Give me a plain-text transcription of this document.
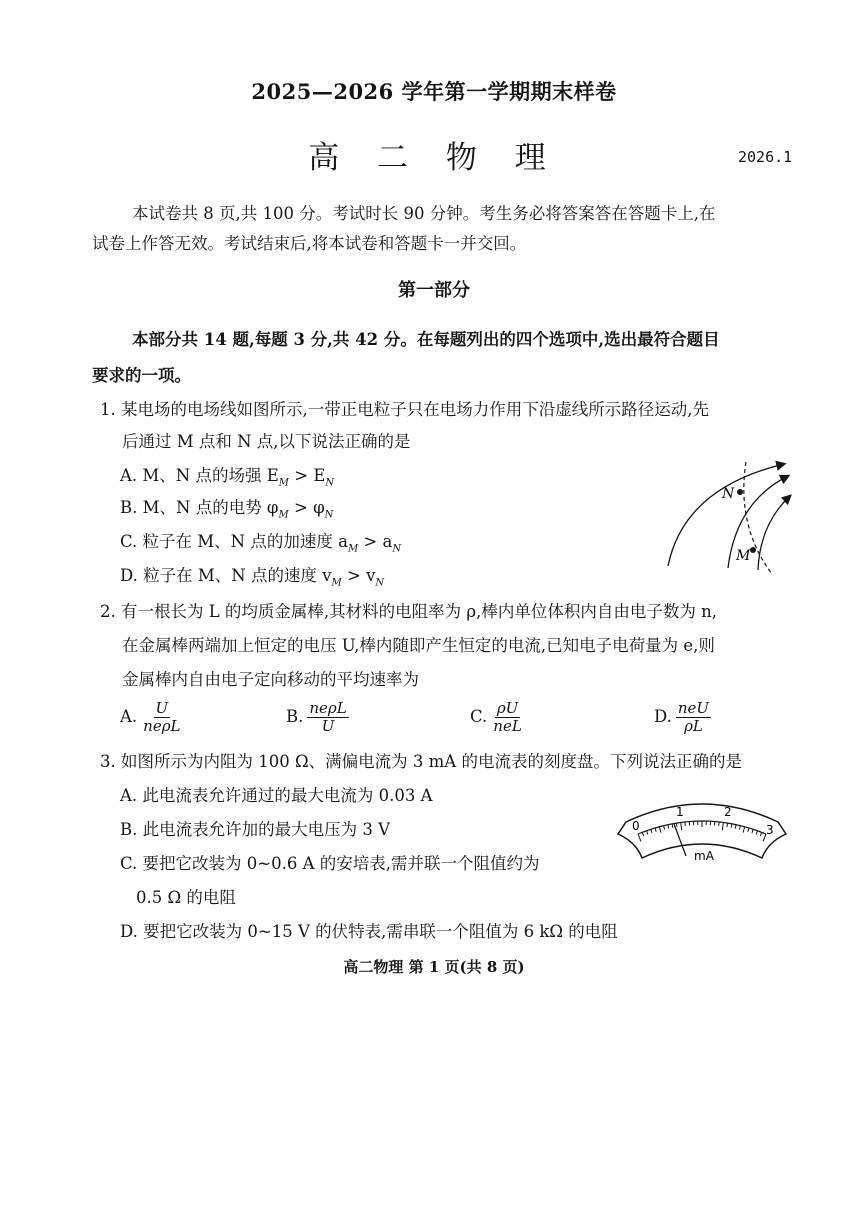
2025—2026 学年第一学期期末样卷
高 二 物 理	2026.1
本试卷共 8 页,共 100 分。考试时长 90 分钟。考生务必将答案答在答题卡上,在
试卷上作答无效。考试结束后,将本试卷和答题卡一并交回。
第一部分
本部分共 14 题,每题 3 分,共 42 分。在每题列出的四个选项中,选出最符合题目
要求的一项。
1. 某电场的电场线如图所示,一带正电粒子只在电场力作用下沿虚线所示路径运动,先
后通过 M 点和 N 点,以下说法正确的是
A. M、N 点的场强 $E_M > E_N$
B. M、N 点的电势 $\varphi_M > \varphi_N$
C. 粒子在 M、N 点的加速度 $a_M > a_N$
D. 粒子在 M、N 点的速度 $v_M > v_N$
N
M
2. 有一根长为 L 的均质金属棒,其材料的电阻率为 ρ,棒内单位体积内自由电子数为 n,
在金属棒两端加上恒定的电压 U,棒内随即产生恒定的电流,已知电子电荷量为 e,则
金属棒内自由电子定向移动的平均速率为
A. $\frac{U}{\text{neρL}}$	B. $\frac{\text{neρL}}{U}$	C. $\frac{\rho U}{\text{neL}}$	D. $\frac{\text{neU}}{\rho L}$
3. 如图所示为内阻为 100 Ω、满偏电流为 3 mA 的电流表的刻度盘。下列说法正确的是
A. 此电流表允许通过的最大电流为 0.03 A
B. 此电流表允许加的最大电压为 3 V
C. 要把它改装为 0~0.6 A 的安培表,需并联一个阻值约为
0.5 Ω 的电阻
D. 要把它改装为 0~15 V 的伏特表,需串联一个阻值为 6 kΩ 的电阻
0
1	2
3
mA
高二物理 第 1 页(共 8 页)
